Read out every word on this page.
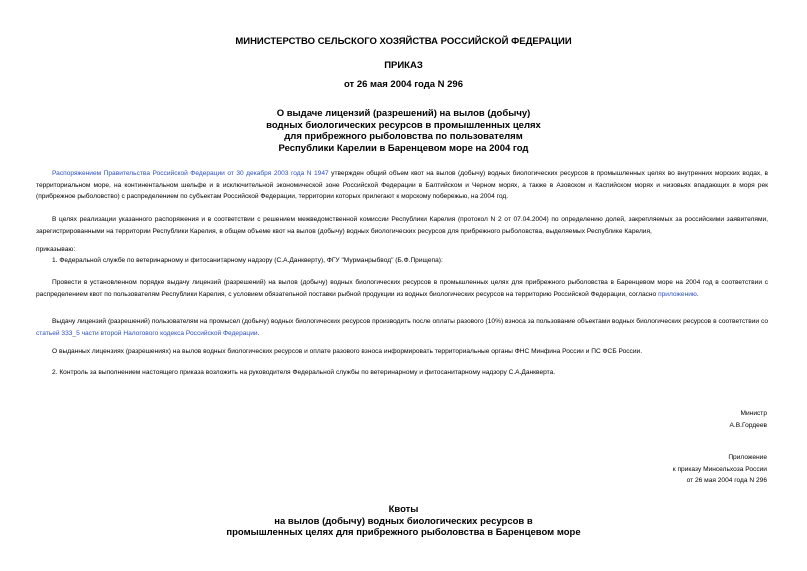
МИНИСТЕРСТВО СЕЛЬСКОГО ХОЗЯЙСТВА РОССИЙСКОЙ ФЕДЕРАЦИИ
ПРИКАЗ
от 26 мая 2004 года N 296
О выдаче лицензий (разрешений) на вылов (добычу)
водных биологических ресурсов в промышленных целях
для прибрежного рыболовства по пользователям
Республики Карелии в Баренцевом море на 2004 год
Распоряжением Правительства Российской Федерации от 30 декабря 2003 года N 1947 утвержден общий объем квот на вылов (добычу) водных биологических ресурсов в промышленных целях во внутренних морских водах, в территориальном море, на континентальном шельфе и в исключительной экономической зоне Российской Федерации в Балтийском и Черном морях, а также в Азовском и Каспийском морях и низовьях впадающих в моря рек (прибрежное рыболовство) с распределением по субъектам Российской Федерации, территории которых прилегают к морскому побережью, на 2004 год.
В целях реализации указанного распоряжения и в соответствии с решением межведомственной комиссии Республики Карелия (протокол N 2 от 07.04.2004) по определению долей, закрепляемых за российскими заявителями, зарегистрированными на территории Республики Карелия, в общем объеме квот на вылов (добычу) водных биологических ресурсов для прибрежного рыболовства, выделяемых Республике Карелия,
приказываю:
1. Федеральной службе по ветеринарному и фитосанитарному надзору (С.А.Данкверту), ФГУ "Мурманрыбвод" (Б.Ф.Прищепа):
Провести в установленном порядке выдачу лицензий (разрешений) на вылов (добычу) водных биологических ресурсов в промышленных целях для прибрежного рыболовства в Баренцевом море на 2004 год в соответствии с распределением квот по пользователям Республики Карелия, с условием обязательной поставки рыбной продукции из водных биологических ресурсов на территорию Российской Федерации, согласно приложению.
Выдачу лицензий (разрешений) пользователям на промысел (добычу) водных биологических ресурсов производить после оплаты разового (10%) взноса за пользование объектами водных биологических ресурсов в соответствии со статьей 333_5 части второй Налогового кодекса Российской Федерации.
О выданных лицензиях (разрешениях) на вылов водных биологических ресурсов и оплате разового взноса информировать территориальные органы ФНС Минфина России и ПС ФСБ России.
2. Контроль за выполнением настоящего приказа возложить на руководителя Федеральной службы по ветеринарному и фитосанитарному надзору С.А.Данкверта.
Министр
А.В.Гордеев
Приложение
к приказу Минсельхоза России
от 26 мая 2004 года N 296
Квоты
на вылов (добычу) водных биологических ресурсов в
промышленных целях для прибрежного рыболовства в Баренцевом море
